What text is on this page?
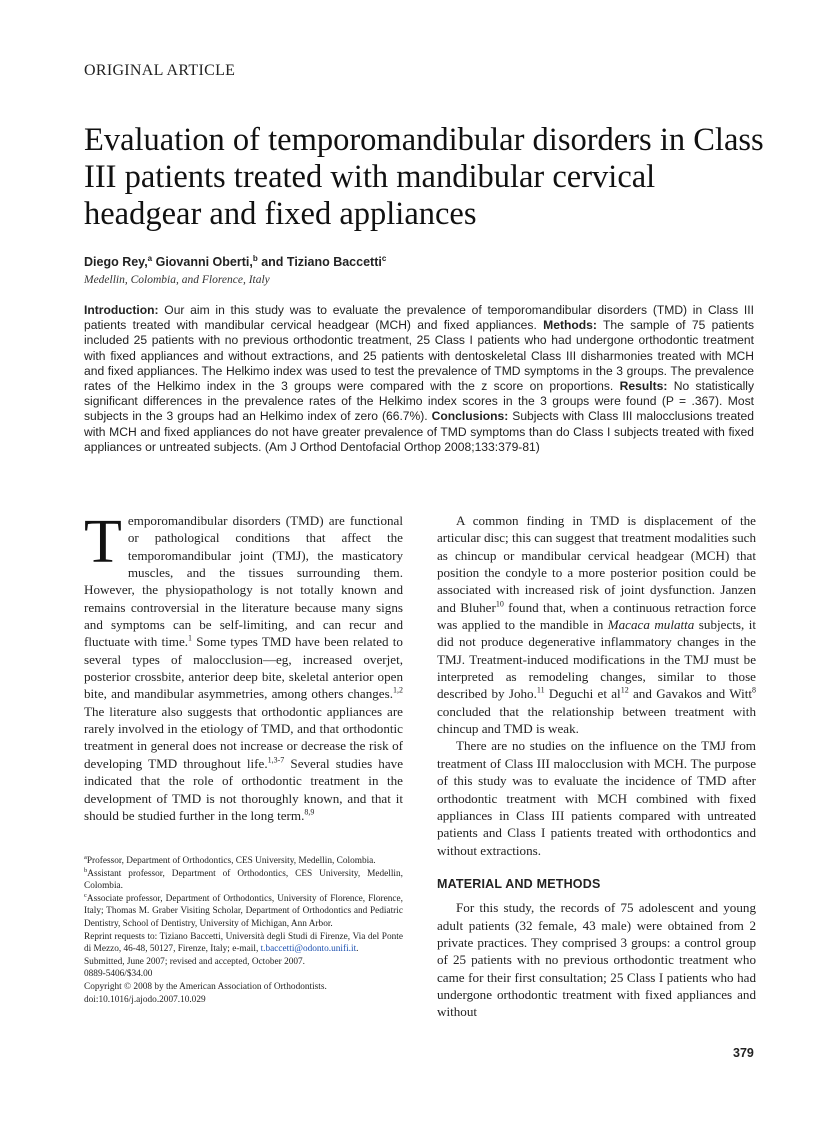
ORIGINAL ARTICLE
Evaluation of temporomandibular disorders in Class III patients treated with mandibular cervical headgear and fixed appliances
Diego Rey,$^a$ Giovanni Oberti,$^b$ and Tiziano Baccetti$^c$
Medellin, Colombia, and Florence, Italy

Introduction: Our aim in this study was to evaluate the prevalence of temporomandibular disorders (TMD) in Class III patients treated with mandibular cervical headgear (MCH) and fixed appliances. Methods: The sample of 75 patients included 25 patients with no previous orthodontic treatment, 25 Class I patients who had undergone orthodontic treatment with fixed appliances and without extractions, and 25 patients with dentoskeletal Class III disharmonies treated with MCH and fixed appliances. The Helkimo index was used to test the prevalence of TMD symptoms in the 3 groups. The prevalence rates of the Helkimo index in the 3 groups were compared with the z score on proportions. Results: No statistically significant differences in the prevalence rates of the Helkimo index scores in the 3 groups were found (P = .367). Most subjects in the 3 groups had an Helkimo index of zero (66.7%). Conclusions: Subjects with Class III malocclusions treated with MCH and fixed appliances do not have greater prevalence of TMD symptoms than do Class I subjects treated with fixed appliances or untreated subjects. (Am J Orthod Dentofacial Orthop 2008;133:379-81)

Temporomandibular disorders (TMD) are functional or pathological conditions that affect the temporomandibular joint (TMJ), the masticatory muscles, and the tissues surrounding them. However, the physiopathology is not totally known and remains controversial in the literature because many signs and symptoms can be self-limiting, and can recur and fluctuate with time.$^1$ Some types TMD have been related to several types of malocclusion—eg, increased overjet, posterior crossbite, anterior deep bite, skeletal anterior open bite, and mandibular asymmetries, among others changes.$^{1,2}$ The literature also suggests that orthodontic appliances are rarely involved in the etiology of TMD, and that orthodontic treatment in general does not increase or decrease the risk of developing TMD throughout life.$^{1,3-7}$ Several studies have indicated that the role of orthodontic treatment in the development of TMD is not thoroughly known, and that it should be studied further in the long term.$^{8,9}$

A common finding in TMD is displacement of the articular disc; this can suggest that treatment modalities such as chincup or mandibular cervical headgear (MCH) that position the condyle to a more posterior position could be associated with increased risk of joint dysfunction. Janzen and Bluher$^{10}$ found that, when a continuous retraction force was applied to the mandible in Macaca mulatta subjects, it did not produce degenerative inflammatory changes in the TMJ. Treatment-induced modifications in the TMJ must be interpreted as remodeling changes, similar to those described by Joho.$^{11}$ Deguchi et $al^{12}$ and Gavakos and Witt$^8$ concluded that the relationship between treatment with chincup and TMD is weak.

There are no studies on the influence on the TMJ from treatment of Class III malocclusion with MCH. The purpose of this study was to evaluate the incidence of TMD after orthodontic treatment with MCH combined with fixed appliances in Class III patients compared with untreated patients and Class I patients treated with orthodontics and without extractions.

MATERIAL AND METHODS

For this study, the records of 75 adolescent and young adult patients (32 female, 43 male) were obtained from 2 private practices. They comprised 3 groups: a control group of 25 patients with no previous orthodontic treatment who came for their first consultation; 25 Class I patients who had undergone orthodontic treatment with fixed appliances and without

$^a$Professor, Department of Orthodontics, CES University, Medellin, Colombia.
$^b$Assistant professor, Department of Orthodontics, CES University, Medellin, Colombia.
$^c$Associate professor, Department of Orthodontics, University of Florence, Florence, Italy; Thomas M. Graber Visiting Scholar, Department of Orthodontics and Pediatric Dentistry, School of Dentistry, University of Michigan, Ann Arbor.
Reprint requests to: Tiziano Baccetti, Università degli Studi di Firenze, Via del Ponte di Mezzo, 46-48, 50127, Firenze, Italy; e-mail, t.baccetti@odonto.unifi.it.
Submitted, June 2007; revised and accepted, October 2007.
0889-5406/$34.00
Copyright © 2008 by the American Association of Orthodontists.
doi:10.1016/j.ajodo.2007.10.029
379
